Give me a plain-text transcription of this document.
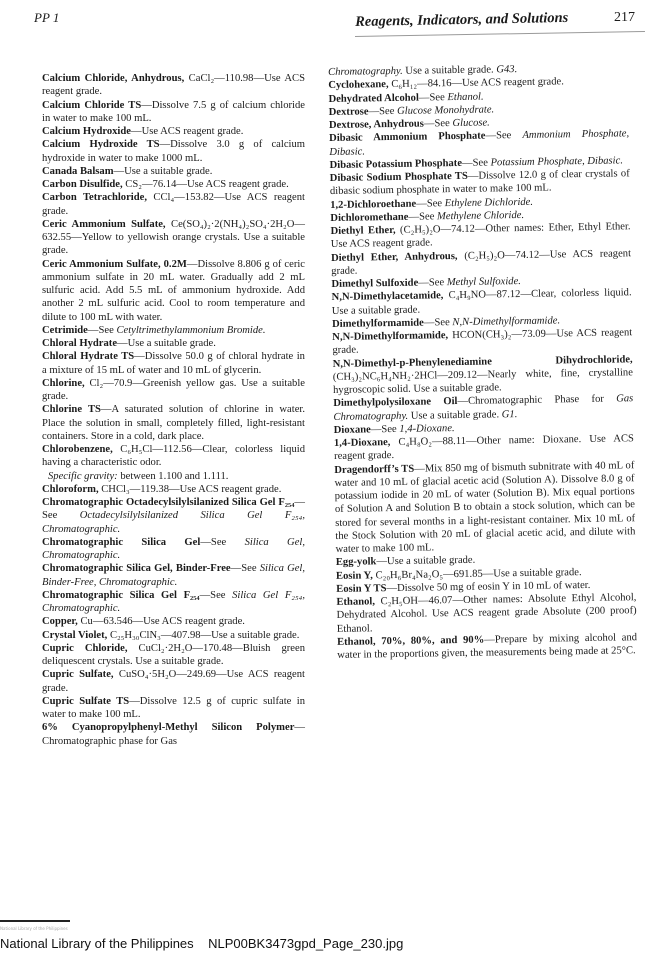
PP 1	Reagents, Indicators, and Solutions	217

Calcium Chloride, Anhydrous, CaCl₂—110.98—Use ACS reagent grade.

Calcium Chloride TS—Dissolve 7.5 g of calcium chloride in water to make 100 mL.

Calcium Hydroxide—Use ACS reagent grade.

Calcium Hydroxide TS—Dissolve 3.0 g of calcium hydroxide in water to make 1000 mL.

Canada Balsam—Use a suitable grade.

Carbon Disulfide, CS₂—76.14—Use ACS reagent grade.

Carbon Tetrachloride, CCl₄—153.82—Use ACS reagent grade.

Ceric Ammonium Sulfate, Ce(SO₄)₂·2(NH₄)₂SO₄·2H₂O—632.55—Yellow to yellowish orange crystals. Use a suitable grade.

Ceric Ammonium Sulfate, 0.2M—Dissolve 8.806 g of ceric ammonium sulfate in 20 mL water. Gradually add 2 mL sulfuric acid. Add 5.5 mL of ammonium hydroxide. Add another 2 mL sulfuric acid. Cool to room temperature and dilute to 100 mL with water.

Cetrimide—See Cetyltrimethylammonium Bromide.

Chloral Hydrate—Use a suitable grade.

Chloral Hydrate TS—Dissolve 50.0 g of chloral hydrate in a mixture of 15 mL of water and 10 mL of glycerin.

Chlorine, Cl₂—70.9—Greenish yellow gas. Use a suitable grade.

Chlorine TS—A saturated solution of chlorine in water. Place the solution in small, completely filled, light-resistant containers. Store in a cold, dark place.

Chlorobenzene, C₆H₅Cl—112.56—Clear, colorless liquid having a characteristic odor.

Specific gravity: between 1.100 and 1.111.

Chloroform, CHCl₃—119.38—Use ACS reagent grade.

Chromatographic Octadecylsilylsilanized Silica Gel F₂₅₄—See Octadecylsilylsilanized Silica Gel F₂₅₄, Chromatographic.

Chromatographic Silica Gel—See Silica Gel, Chromatographic.

Chromatographic Silica Gel, Binder-Free—See Silica Gel, Binder-Free, Chromatographic.

Chromatographic Silica Gel F₂₅₄—See Silica Gel F₂₅₄, Chromatographic.

Copper, Cu—63.546—Use ACS reagent grade.

Crystal Violet, C₂₅H₃₀ClN₃—407.98—Use a suitable grade.

Cupric Chloride, CuCl₂·2H₂O—170.48—Bluish green deliquescent crystals. Use a suitable grade.

Cupric Sulfate, CuSO₄·5H₂O—249.69—Use ACS reagent grade.

Cupric Sulfate TS—Dissolve 12.5 g of cupric sulfate in water to make 100 mL.

6% Cyanopropylphenyl-Methyl Silicon Polymer—Chromatographic phase for Gas

Chromatography. Use a suitable grade. G43.

Cyclohexane, C₆H₁₂—84.16—Use ACS reagent grade.

Dehydrated Alcohol—See Ethanol.

Dextrose—See Glucose Monohydrate.

Dextrose, Anhydrous—See Glucose.

Dibasic Ammonium Phosphate—See Ammonium Phosphate, Dibasic.

Dibasic Potassium Phosphate—See Potassium Phosphate, Dibasic.

Dibasic Sodium Phosphate TS—Dissolve 12.0 g of clear crystals of dibasic sodium phosphate in water to make 100 mL.

1,2-Dichloroethane—See Ethylene Dichloride.

Dichloromethane—See Methylene Chloride.

Diethyl Ether, (C₂H₅)₂O—74.12—Other names: Ether, Ethyl Ether. Use ACS reagent grade.

Diethyl Ether, Anhydrous, (C₂H₅)₂O—74.12—Use ACS reagent grade.

Dimethyl Sulfoxide—See Methyl Sulfoxide.

N,N-Dimethylacetamide, C₄H₉NO—87.12—Clear, colorless liquid. Use a suitable grade.

Dimethylformamide—See N,N-Dimethylformamide.

N,N-Dimethylformamide, HCON(CH₃)₂—73.09—Use ACS reagent grade.

N,N-Dimethyl-p-Phenylenediamine Dihydrochloride, (CH₃)₂NC₆H₄NH₂·2HCl—209.12—Nearly white, fine, crystalline hygroscopic solid. Use a suitable grade.

Dimethylpolysiloxane Oil—Chromatographic Phase for Gas Chromatography. Use a suitable grade. G1.

Dioxane—See 1,4-Dioxane.

1,4-Dioxane, C₄H₈O₂—88.11—Other name: Dioxane. Use ACS reagent grade.

Dragendorff’s TS—Mix 850 mg of bismuth subnitrate with 40 mL of water and 10 mL of glacial acetic acid (Solution A). Dissolve 8.0 g of potassium iodide in 20 mL of water (Solution B). Mix equal portions of Solution A and Solution B to obtain a stock solution, which can be stored for several months in a light-resistant container. Mix 10 mL of the Stock Solution with 20 mL of glacial acetic acid, and dilute with water to make 100 mL.

Egg-yolk—Use a suitable grade.

Eosin Y, C₂₀H₆Br₄Na₂O₅—691.85—Use a suitable grade.

Eosin Y TS—Dissolve 50 mg of eosin Y in 10 mL of water.

Ethanol, C₂H₅OH—46.07—Other names: Absolute Ethyl Alcohol, Dehydrated Alcohol. Use ACS reagent grade Absolute (200 proof) Ethanol.

Ethanol, 70%, 80%, and 90%—Prepare by mixing alcohol and water in the proportions given, the measurements being made at 25°C.

National Library of the Philippines
National Library of the Philippines NLP00BK3473gpd_Page_230.jpg
